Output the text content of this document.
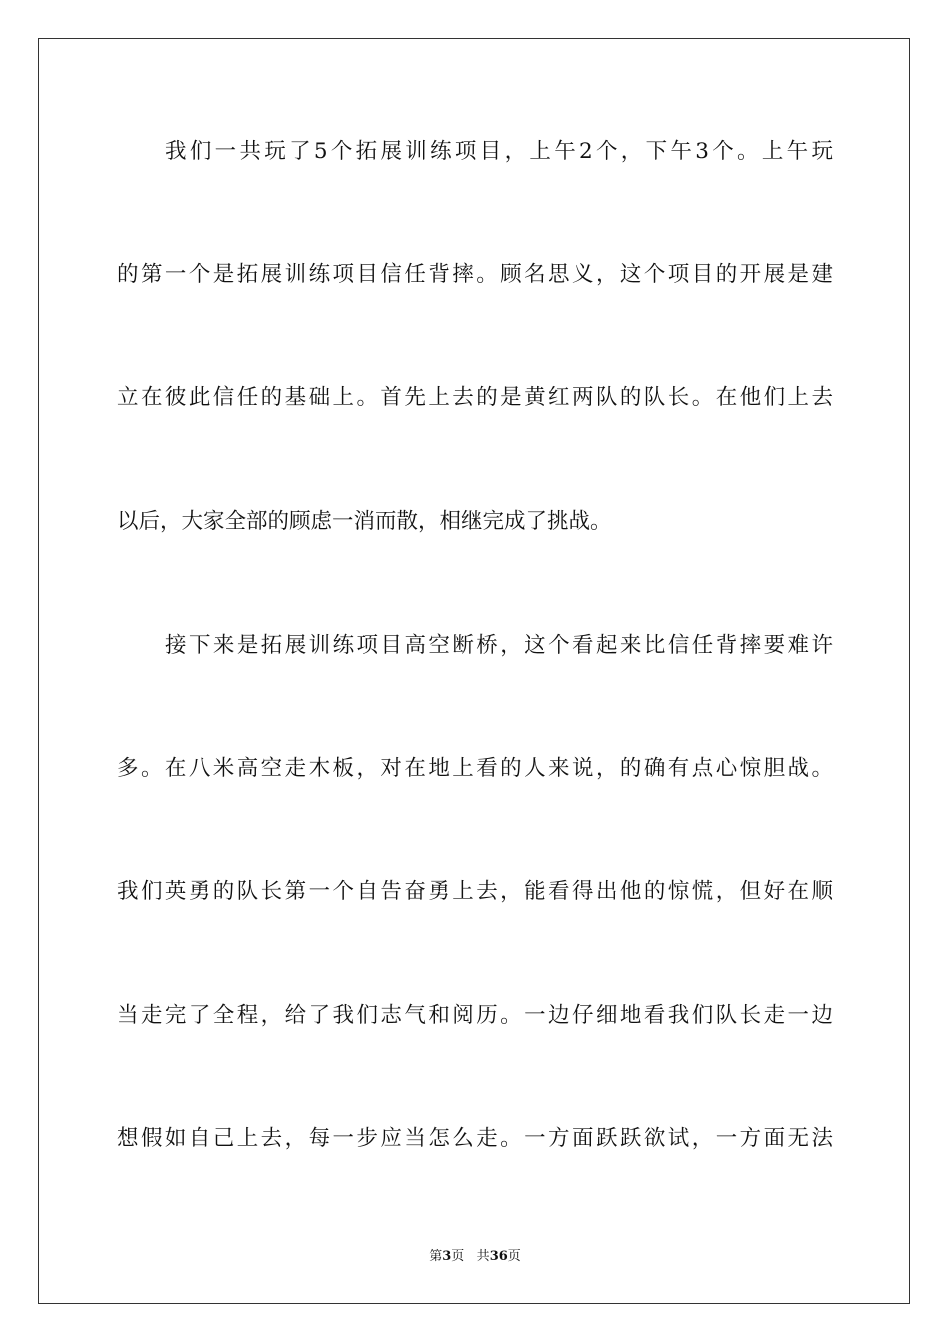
我们一共玩了5个拓展训练项目，上午2个，下午3个。上午玩
的第一个是拓展训练项目信任背摔。顾名思义，这个项目的开展是建
立在彼此信任的基础上。首先上去的是黄红两队的队长。在他们上去
以后，大家全部的顾虑一消而散，相继完成了挑战。
接下来是拓展训练项目高空断桥，这个看起来比信任背摔要难许
多。在八米高空走木板，对在地上看的人来说，的确有点心惊胆战。
我们英勇的队长第一个自告奋勇上去，能看得出他的惊慌，但好在顺
当走完了全程，给了我们志气和阅历。一边仔细地看我们队长走一边
想假如自己上去，每一步应当怎么走。一方面跃跃欲试，一方面无法
第3页 共36页
